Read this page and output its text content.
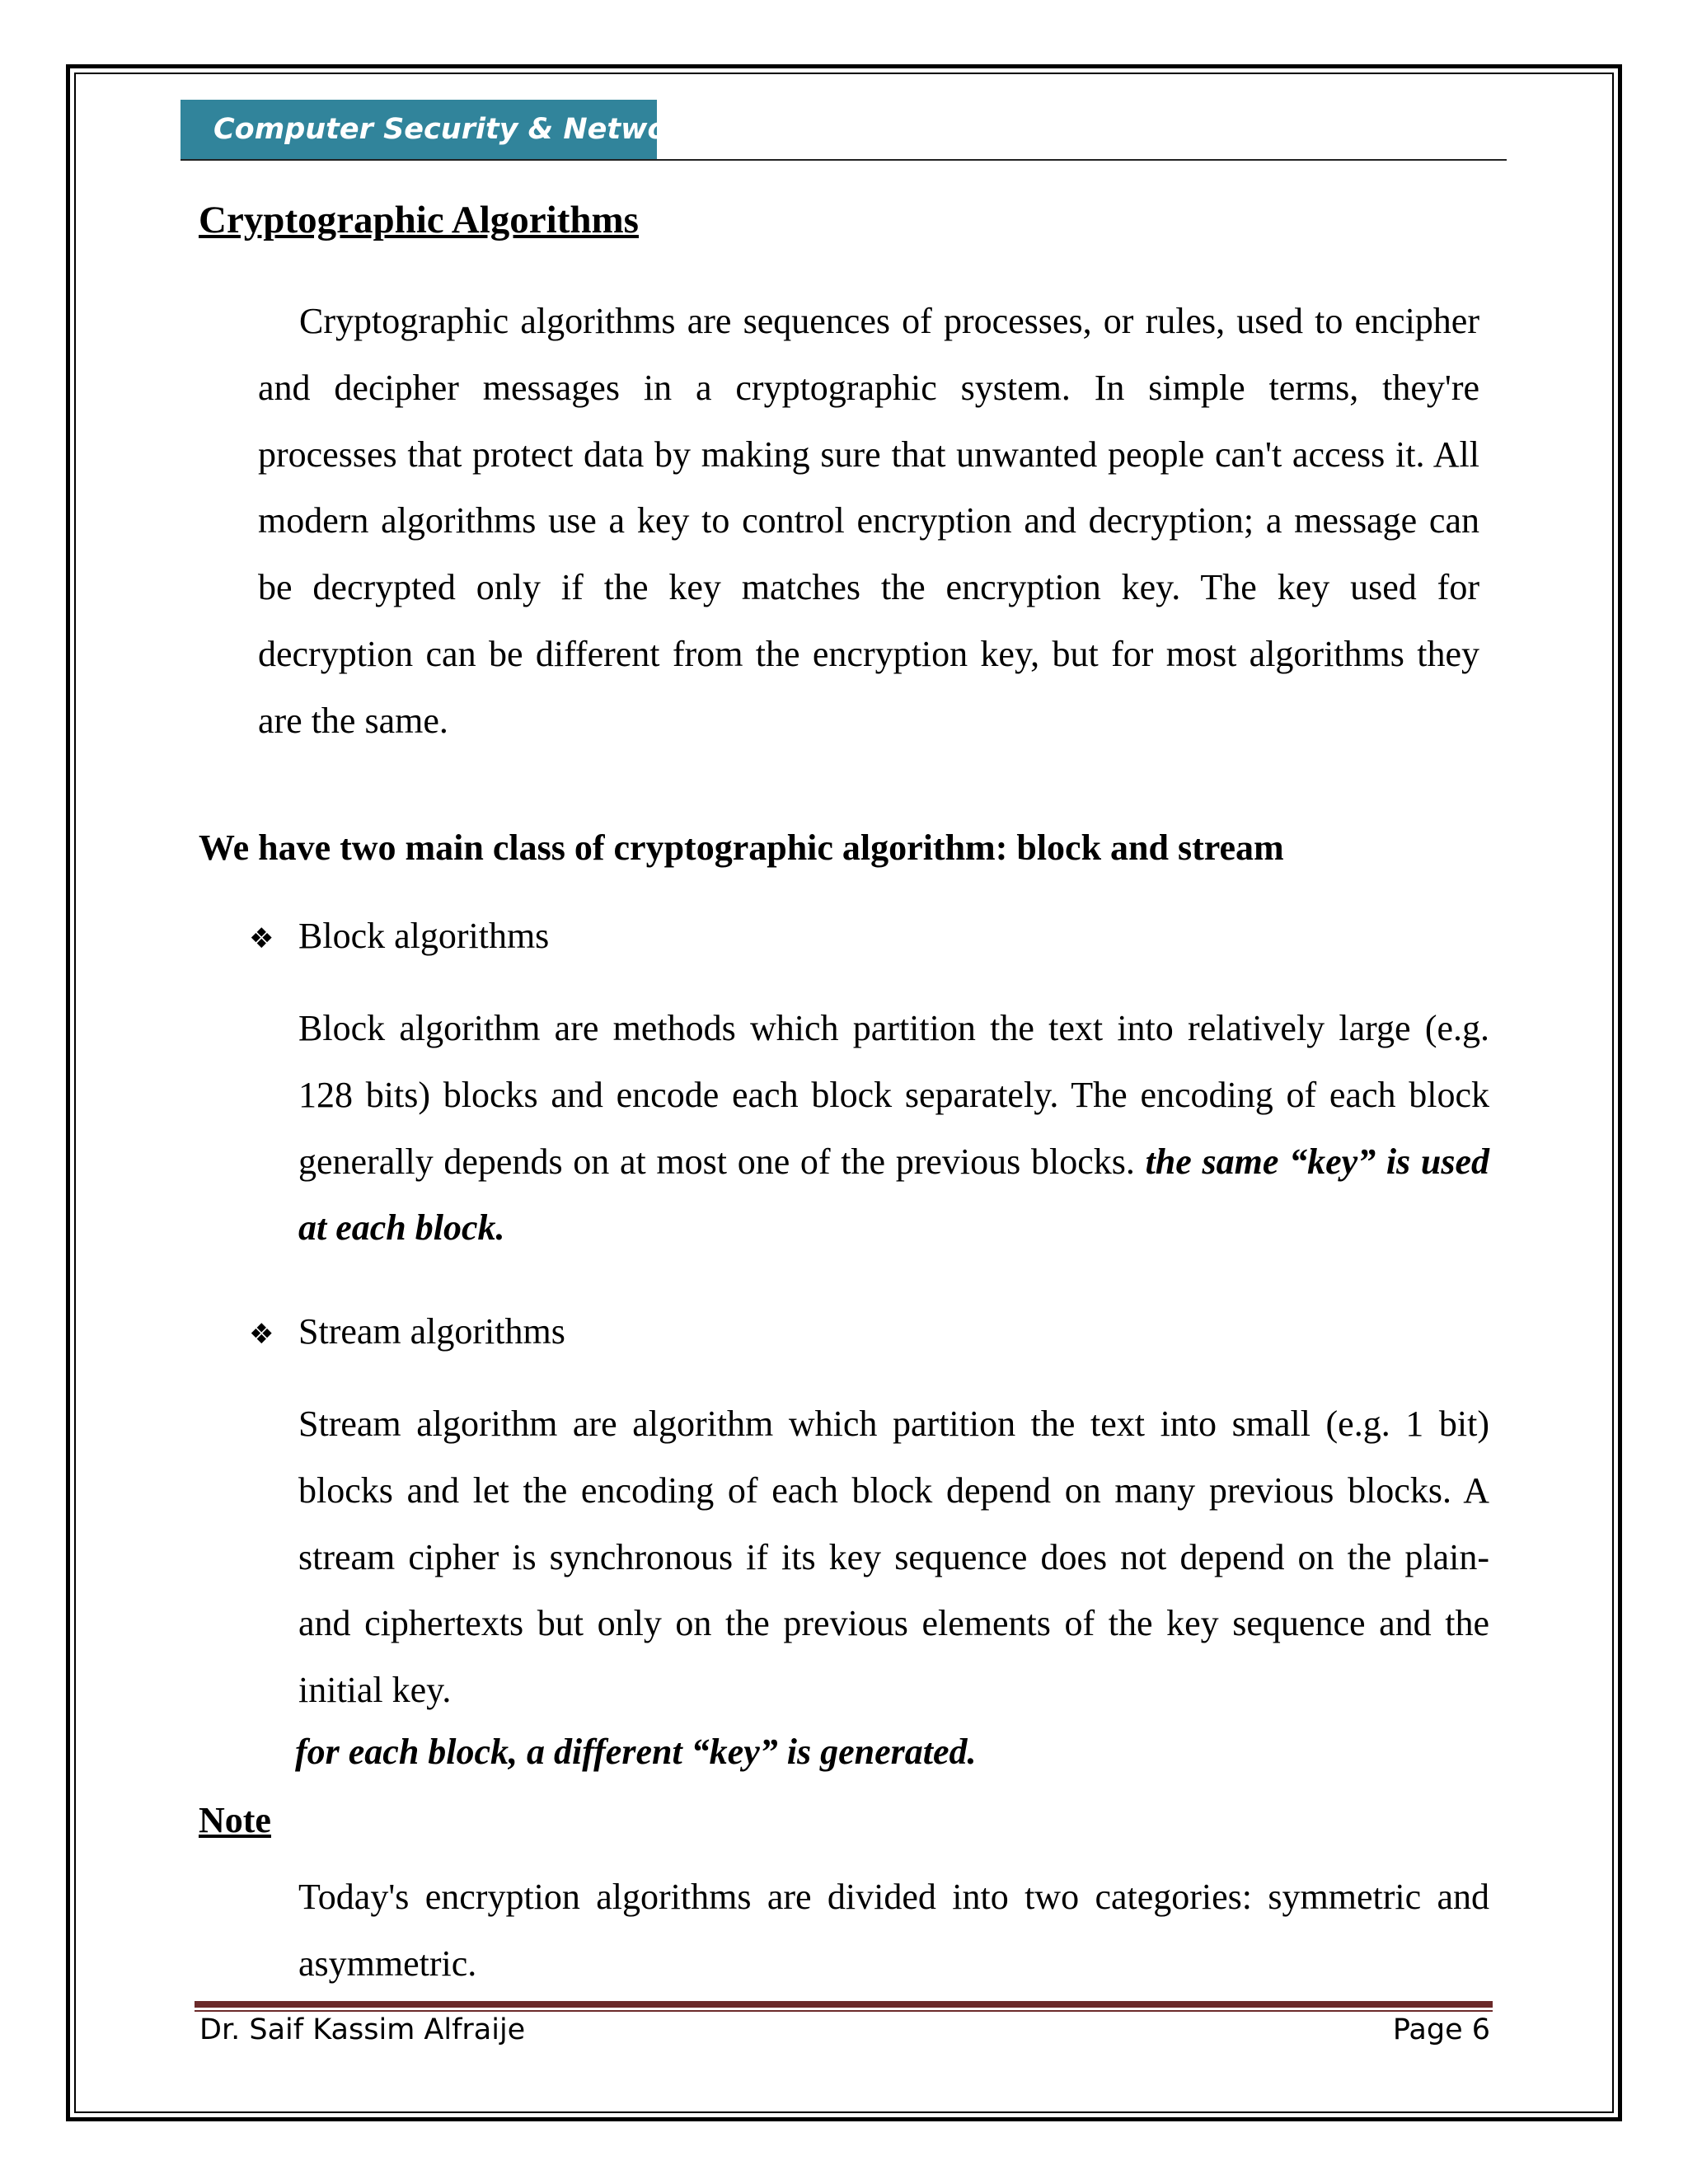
Computer Security & Network
Cryptographic Algorithms

Cryptographic algorithms are sequences of processes, or rules, used to encipher and decipher messages in a cryptographic system. In simple terms, they're processes that protect data by making sure that unwanted people can't access it. All modern algorithms use a key to control encryption and decryption; a message can be decrypted only if the key matches the encryption key. The key used for decryption can be different from the encryption key, but for most algorithms they are the same.

We have two main class of cryptographic algorithm: block and stream
❖ Block algorithms

Block algorithm are methods which partition the text into relatively large (e.g. 128 bits) blocks and encode each block separately. The encoding of each block generally depends on at most one of the previous blocks. the same “key” is used at each block.

❖ Stream algorithms

Stream algorithm are algorithm which partition the text into small (e.g. 1 bit) blocks and let the encoding of each block depend on many previous blocks. A stream cipher is synchronous if its key sequence does not depend on the plain- and ciphertexts but only on the previous elements of the key sequence and the initial key.

for each block, a different “key” is generated.
Note

Today's encryption algorithms are divided into two categories: symmetric and asymmetric.

Dr. Saif Kassim Alfraije	Page 6
